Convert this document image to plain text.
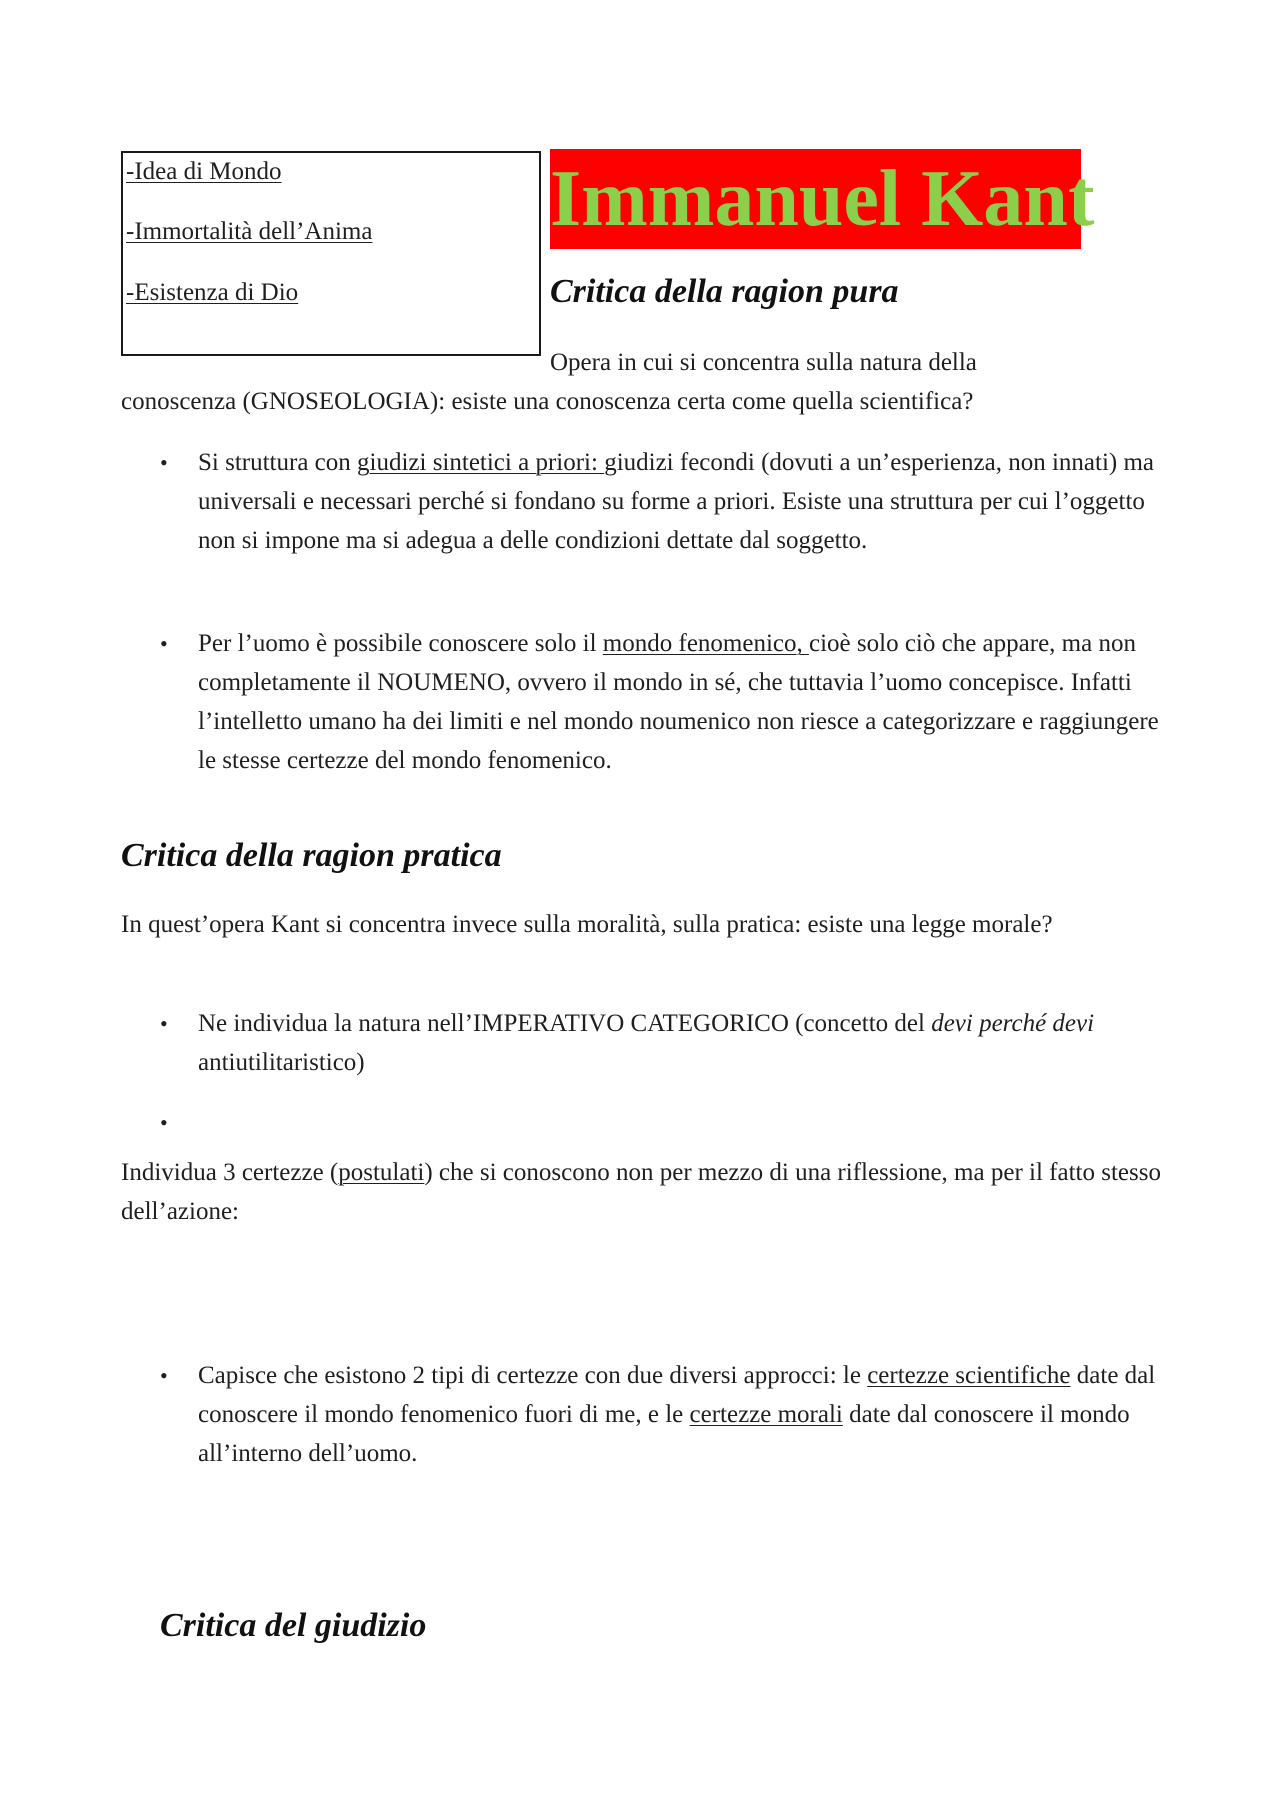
-Idea di Mondo
-Immortalità dell’Anima
-Esistenza di Dio
Immanuel Kant
Critica della ragion pura

Opera in cui si concentra sulla natura della

conoscenza (GNOSEOLOGIA): esiste una conoscenza certa come quella scientifica?

• Si struttura con giudizi sintetici a priori: giudizi fecondi (dovuti a un’esperienza, non innati) ma universali e necessari perché si fondano su forme a priori. Esiste una struttura per cui l’oggetto non si impone ma si adegua a delle condizioni dettate dal soggetto.

• Per l’uomo è possibile conoscere solo il mondo fenomenico, cioè solo ciò che appare, ma non completamente il NOUMENO, ovvero il mondo in sé, che tuttavia l’uomo concepisce. Infatti l’intelletto umano ha dei limiti e nel mondo noumenico non riesce a categorizzare e raggiungere le stesse certezze del mondo fenomenico.

Critica della ragion pratica

In quest’opera Kant si concentra invece sulla moralità, sulla pratica: esiste una legge morale?

• Ne individua la natura nell’IMPERATIVO CATEGORICO (concetto del devi perché devi antiutilitaristico)

•

Individua 3 certezze (postulati) che si conoscono non per mezzo di una riflessione, ma per il fatto stesso dell’azione:

• Capisce che esistono 2 tipi di certezze con due diversi approcci: le certezze scientifiche date dal conoscere il mondo fenomenico fuori di me, e le certezze morali date dal conoscere il mondo all’interno dell’uomo.

Critica del giudizio
